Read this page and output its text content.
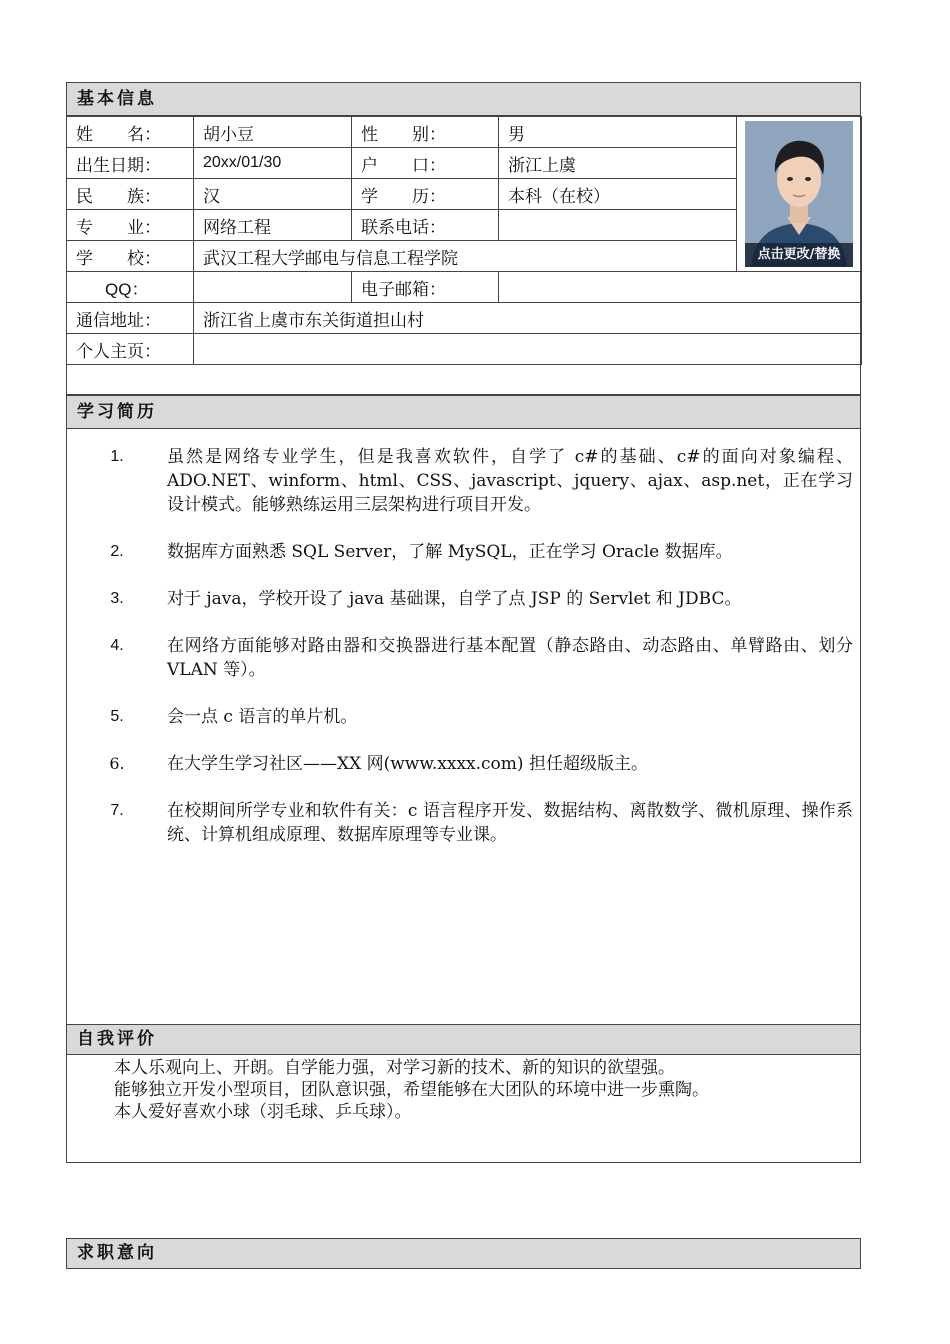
基本信息
姓　　名：	胡小豆	性　　别：	男	点击更改/替换

出生日期：	20xx/01/30	户　　口：	浙江上虞	
民　　族：	汉	学　　历：	本科（在校）	
专　　业：	网络工程	联系电话：		
学　　校：	武汉工程大学邮电与信息工程学院			
QQ：		电子邮箱：		
通信地址：	浙江省上虞市东关街道担山村			
个人主页：				
学习简历
1.	虽然是网络专业学生，但是我喜欢软件，自学了 c#的基础、c#的面向对象编程、ADO.NET、winform、html、CSS、javascript、jquery、ajax、asp.net，正在学习设计模式。能够熟练运用三层架构进行项目开发。
2.	数据库方面熟悉 SQL Server，了解 MySQL，正在学习 Oracle 数据库。
3.	对于 java，学校开设了 java 基础课，自学了点 JSP 的 Servlet 和 JDBC。
4.	在网络方面能够对路由器和交换器进行基本配置（静态路由、动态路由、单臂路由、划分 VLAN 等）。
5.	会一点 c 语言的单片机。
6.	在大学生学习社区——XX 网(www.xxxx.com) 担任超级版主。
7.	在校期间所学专业和软件有关：c 语言程序开发、数据结构、离散数学、微机原理、操作系统、计算机组成原理、数据库原理等专业课。
自我评价
本人乐观向上、开朗。自学能力强，对学习新的技术、新的知识的欲望强。
能够独立开发小型项目，团队意识强，希望能够在大团队的环境中进一步熏陶。
本人爱好喜欢小球（羽毛球、乒乓球）。
求职意向
